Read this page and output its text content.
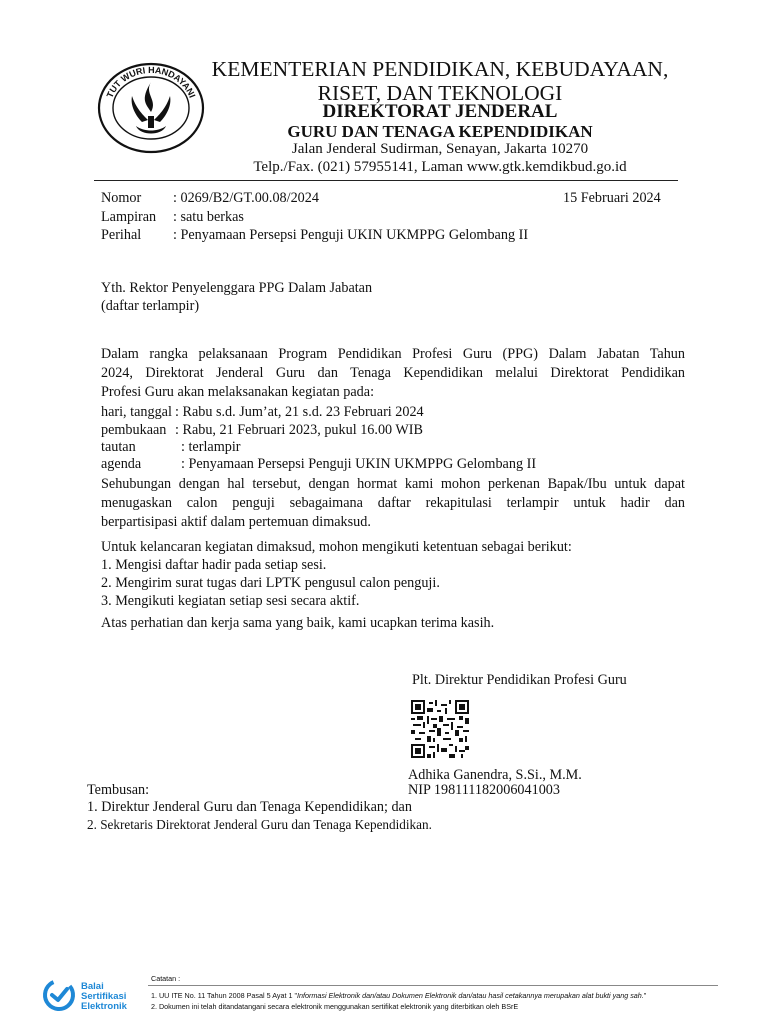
TUT WURI HANDAYANI
KEMENTERIAN PENDIDIKAN, KEBUDAYAAN,
RISET, DAN TEKNOLOGI
DIREKTORAT JENDERAL
GURU DAN TENAGA KEPENDIDIKAN
Jalan Jenderal Sudirman, Senayan, Jakarta 10270
Telp./Fax. (021) 57955141, Laman www.gtk.kemdikbud.go.id
Nomor : 0269/B2/GT.00.08/2024	15 Februari 2024
Lampiran : satu berkas
Perihal : Penyamaan Persepsi Penguji UKIN UKMPPG Gelombang II
Yth. Rektor Penyelenggara PPG Dalam Jabatan
(daftar terlampir)
Dalam rangka pelaksanaan Program Pendidikan Profesi Guru (PPG) Dalam Jabatan Tahun
2024, Direktorat Jenderal Guru dan Tenaga Kependidikan melalui Direktorat Pendidikan
Profesi Guru akan melaksanakan kegiatan pada:
hari, tanggal : Rabu s.d. Jum’at, 21 s.d. 23 Februari 2024
pembukaan : Rabu, 21 Februari 2023, pukul 16.00 WIB
tautan	: terlampir
agenda	: Penyamaan Persepsi Penguji UKIN UKMPPG Gelombang II
Sehubungan dengan hal tersebut, dengan hormat kami mohon perkenan Bapak/Ibu untuk dapat
menugaskan calon penguji sebagaimana daftar rekapitulasi terlampir untuk hadir dan
berpartisipasi aktif dalam pertemuan dimaksud.
Untuk kelancaran kegiatan dimaksud, mohon mengikuti ketentuan sebagai berikut:
1. Mengisi daftar hadir pada setiap sesi.
2. Mengirim surat tugas dari LPTK pengusul calon penguji.
3. Mengikuti kegiatan setiap sesi secara aktif.
Atas perhatian dan kerja sama yang baik, kami ucapkan terima kasih.
Plt. Direktur Pendidikan Profesi Guru
Adhika Ganendra, S.Si., M.M.
NIP 198111182006041003
Tembusan:
1. Direktur Jenderal Guru dan Tenaga Kependidikan; dan
2. Sekretaris Direktorat Jenderal Guru dan Tenaga Kependidikan.
Balai
Sertifikasi
Elektronik
Catatan :
1. UU ITE No. 11 Tahun 2008 Pasal 5 Ayat 1 "Informasi Elektronik dan/atau Dokumen Elektronik dan/atau hasil cetakannya merupakan alat bukti yang sah."
2. Dokumen ini telah ditandatangani secara elektronik menggunakan sertifikat elektronik yang diterbitkan oleh BSrE
